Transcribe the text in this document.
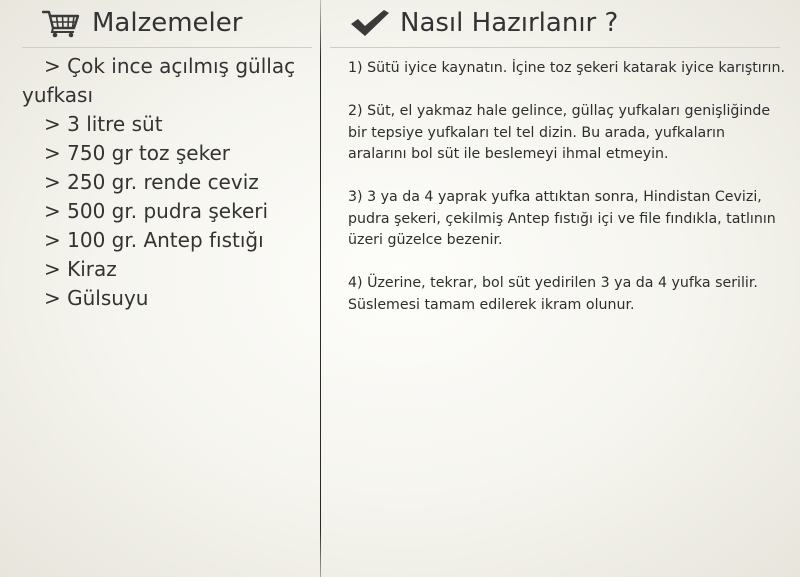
Malzemeler	Nasıl Hazırlanır ?
> Çok ince açılmış güllaç yufkası
> 3 litre süt
> 750 gr toz şeker
> 250 gr. rende ceviz
> 500 gr. pudra şekeri
> 100 gr. Antep fıstığı
> Kiraz
> Gülsuyu

1) Sütü iyice kaynatın. İçine toz şekeri katarak iyice karıştırın.

2) Süt, el yakmaz hale gelince, güllaç yufkaları genişliğinde bir tepsiye yufkaları tel tel dizin. Bu arada, yufkaların aralarını bol süt ile beslemeyi ihmal etmeyin.

3) 3 ya da 4 yaprak yufka attıktan sonra, Hindistan Cevizi, pudra şekeri, çekilmiş Antep fıstığı içi ve file fındıkla, tatlının üzeri güzelce bezenir.

4) Üzerine, tekrar, bol süt yedirilen 3 ya da 4 yufka serilir. Süslemesi tamam edilerek ikram olunur.
